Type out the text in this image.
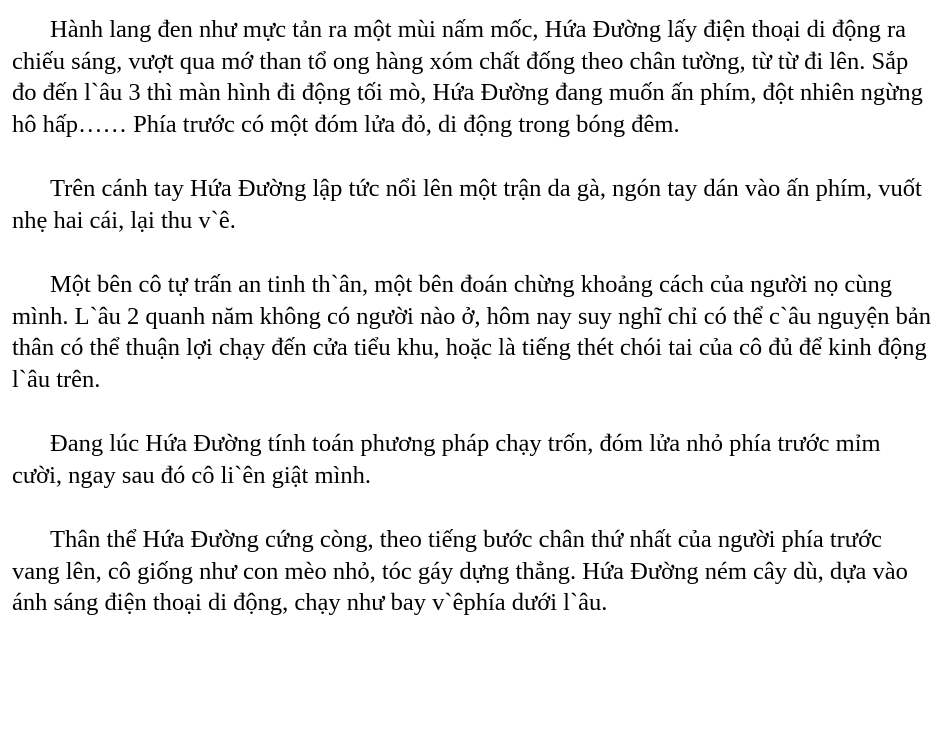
Hành lang đen như mực tản ra một mùi nấm mốc, Hứa Đường lấy điện thoại di động ra chiếu sáng, vượt qua mớ than tổ ong hàng xóm chất đống theo chân tường, từ từ đi lên. Sắp đo đến l`âu 3 thì màn hình đi động tối mò, Hứa Đường đang muốn ấn phím, đột nhiên ngừng hô hấp…… Phía trước có một đóm lửa đỏ, di động trong bóng đêm.

Trên cánh tay Hứa Đường lập tức nổi lên một trận da gà, ngón tay dán vào ấn phím, vuốt nhẹ hai cái, lại thu v`ê.

Một bên cô tự trấn an tinh th`ân, một bên đoán chừng khoảng cách của người nọ cùng mình. L`âu 2 quanh năm không có người nào ở, hôm nay suy nghĩ chỉ có thể c`âu nguyện bản thân có thể thuận lợi chạy đến cửa tiểu khu, hoặc là tiếng thét chói tai của cô đủ để kinh động l`âu trên.

Đang lúc Hứa Đường tính toán phương pháp chạy trốn, đóm lửa nhỏ phía trước mỉm cười, ngay sau đó cô li`ên giật mình.

Thân thể Hứa Đường cứng còng, theo tiếng bước chân thứ nhất của người phía trước vang lên, cô giống như con mèo nhỏ, tóc gáy dựng thẳng. Hứa Đường ném cây dù, dựa vào ánh sáng điện thoại di động, chạy như bay v`êphía dưới l`âu.
